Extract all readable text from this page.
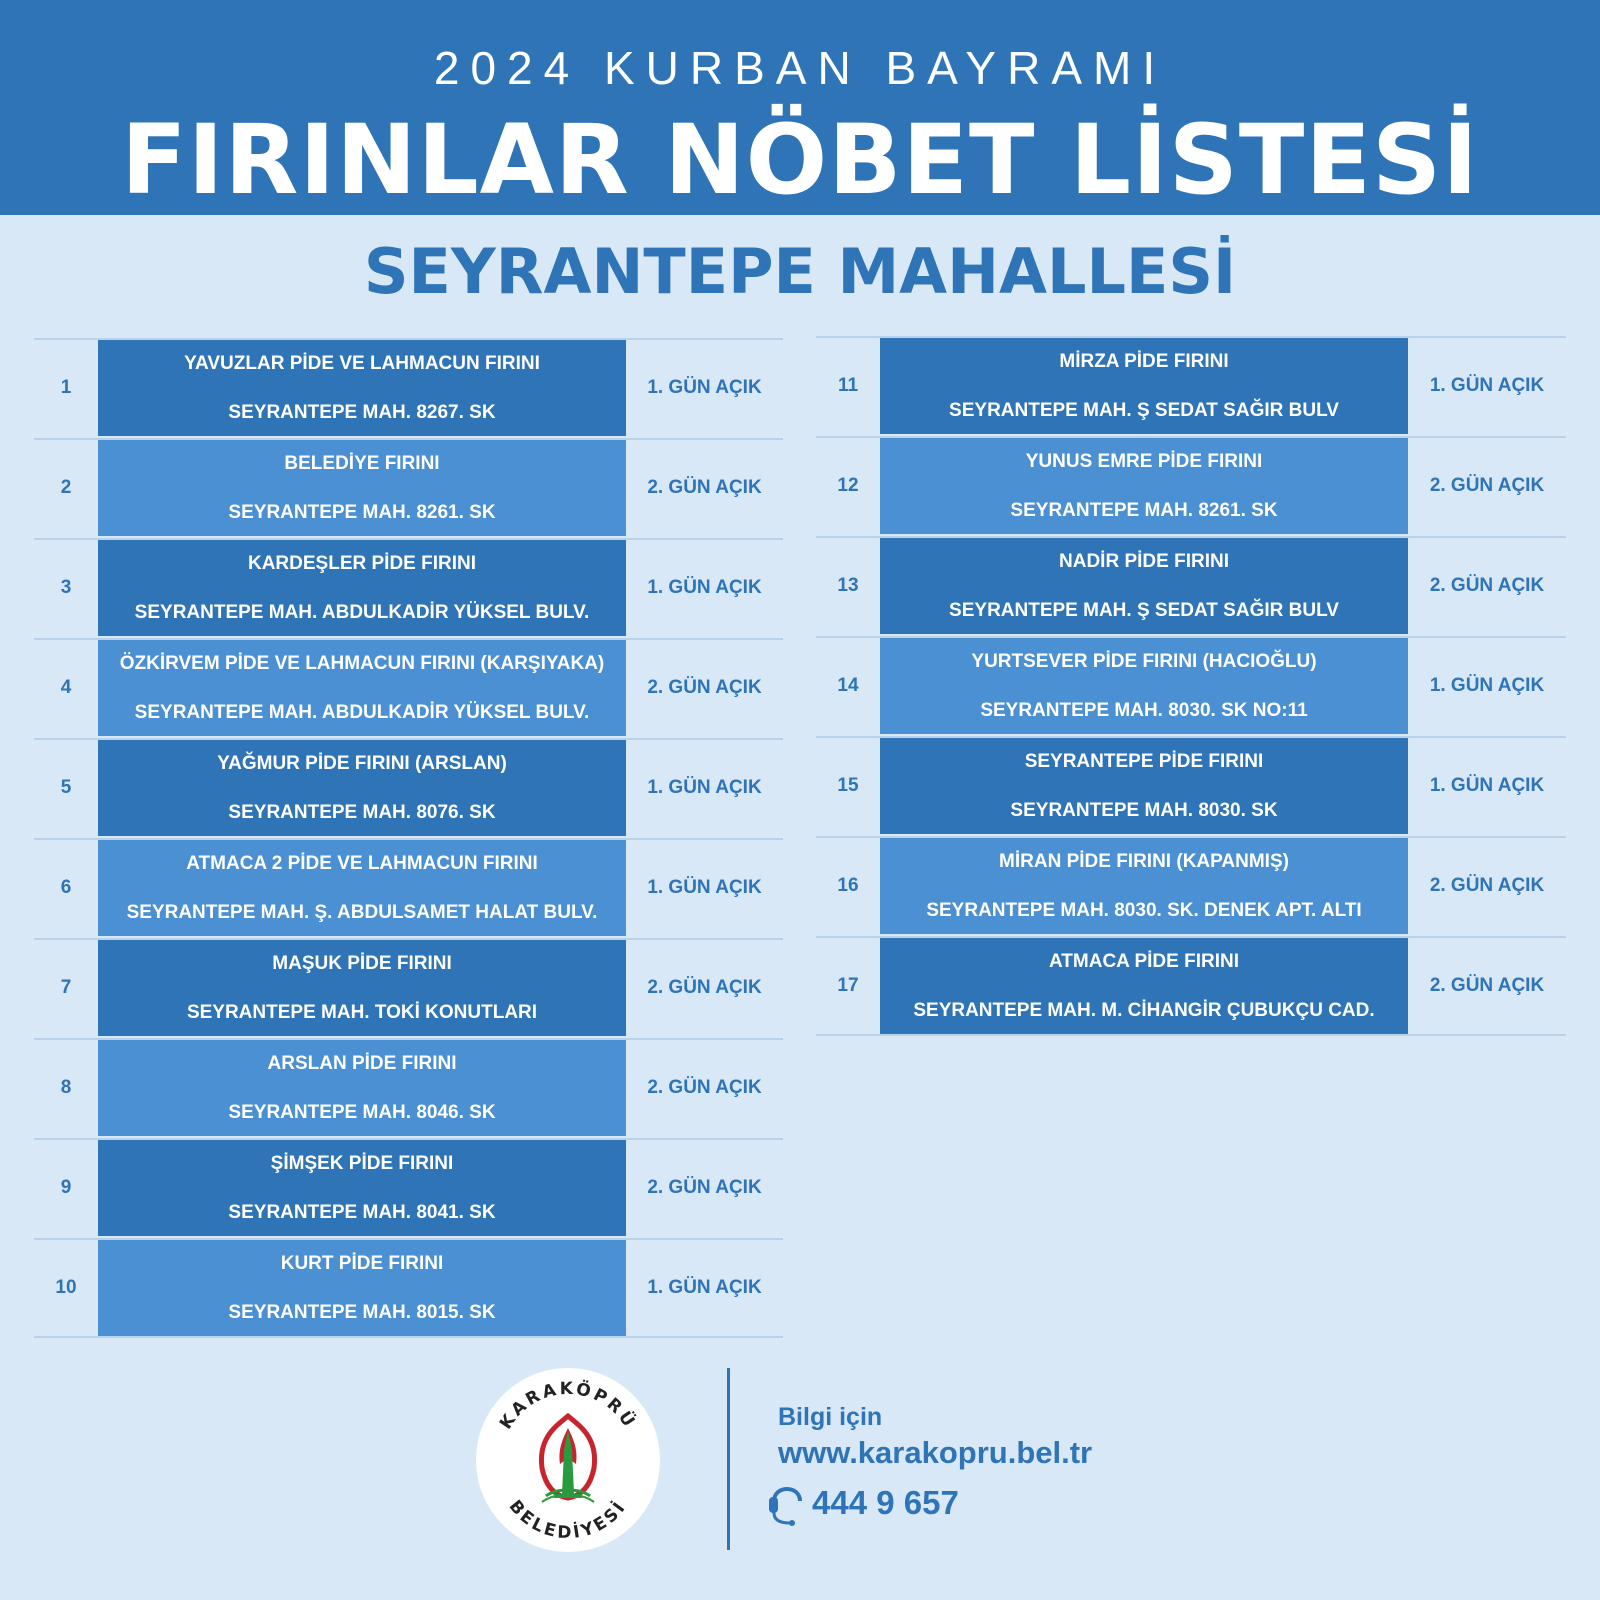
2024 KURBAN BAYRAMI
FIRINLAR NÖBET LİSTESİ
SEYRANTEPE MAHALLESİ
1
YAVUZLAR PİDE VE LAHMACUN FIRINI
SEYRANTEPE MAH. 8267. SK
1. GÜN AÇIK
2
BELEDİYE FIRINI
SEYRANTEPE MAH. 8261. SK
2. GÜN AÇIK
3
KARDEŞLER PİDE FIRINI
SEYRANTEPE MAH. ABDULKADİR YÜKSEL BULV.
1. GÜN AÇIK
4
ÖZKİRVEM PİDE VE LAHMACUN FIRINI (KARŞIYAKA)
SEYRANTEPE MAH. ABDULKADİR YÜKSEL BULV.
2. GÜN AÇIK
5
YAĞMUR PİDE FIRINI (ARSLAN)
SEYRANTEPE MAH. 8076. SK
1. GÜN AÇIK
6
ATMACA 2 PİDE VE LAHMACUN FIRINI
SEYRANTEPE MAH. Ş. ABDULSAMET HALAT BULV.
1. GÜN AÇIK
7
MAŞUK PİDE FIRINI
SEYRANTEPE MAH. TOKİ KONUTLARI
2. GÜN AÇIK
8
ARSLAN PİDE FIRINI
SEYRANTEPE MAH. 8046. SK
2. GÜN AÇIK
9
ŞİMŞEK PİDE FIRINI
SEYRANTEPE MAH. 8041. SK
2. GÜN AÇIK
10
KURT PİDE FIRINI
SEYRANTEPE MAH. 8015. SK
1. GÜN AÇIK
11
MİRZA PİDE FIRINI
SEYRANTEPE MAH. Ş SEDAT SAĞIR BULV
1. GÜN AÇIK
12
YUNUS EMRE PİDE FIRINI
SEYRANTEPE MAH. 8261. SK
2. GÜN AÇIK
13
NADİR PİDE FIRINI
SEYRANTEPE MAH. Ş SEDAT SAĞIR BULV
2. GÜN AÇIK
14
YURTSEVER PİDE FIRINI (HACIOĞLU)
SEYRANTEPE MAH. 8030. SK NO:11
1. GÜN AÇIK
15
SEYRANTEPE PİDE FIRINI
SEYRANTEPE MAH. 8030. SK
1. GÜN AÇIK
16
MİRAN PİDE FIRINI (KAPANMIŞ)
SEYRANTEPE MAH. 8030. SK. DENEK APT. ALTI
2. GÜN AÇIK
17
ATMACA PİDE FIRINI
SEYRANTEPE MAH. M. CİHANGİR ÇUBUKÇU CAD.
2. GÜN AÇIK
KARAKÖPRÜ
BELEDİYESİ
Bilgi için
www.karakopru.bel.tr
444 9 657
